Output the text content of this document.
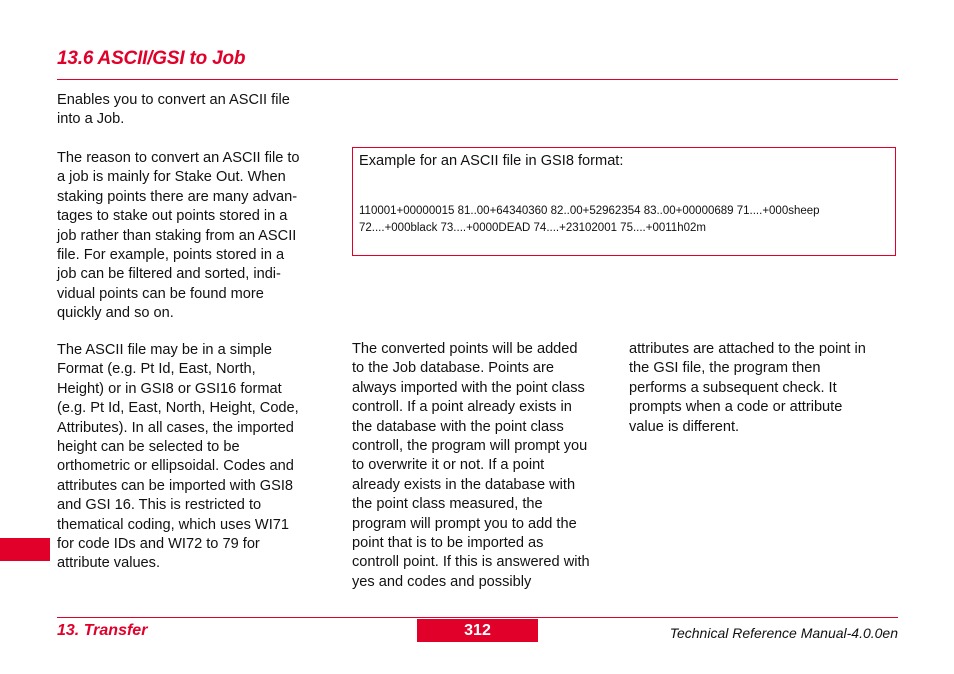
13.6 ASCII/GSI to Job

Enables you to convert an ASCII file
into a Job.

The reason to convert an ASCII file to
a job is mainly for Stake Out. When
staking points there are many advan-
tages to stake out points stored in a
job rather than staking from an ASCII
file. For example, points stored in a
job can be filtered and sorted, indi-
vidual points can be found more
quickly and so on.

The ASCII file may be in a simple
Format (e.g. Pt Id, East, North,
Height) or in GSI8 or GSI16 format
(e.g. Pt Id, East, North, Height, Code,
Attributes). In all cases, the imported
height can be selected to be
orthometric or ellipsoidal. Codes and
attributes can be imported with GSI8
and GSI 16. This is restricted to
thematical coding, which uses WI71
for code IDs and WI72 to 79 for
attribute values.

Example for an ASCII file in GSI8 format:
110001+00000015 81..00+64340360 82..00+52962354 83..00+00000689 71....+000sheep
72....+000black 73....+0000DEAD 74....+23102001 75....+0011h02m

The converted points will be added
to the Job database. Points are
always imported with the point class
controll. If a point already exists in
the database with the point class
controll, the program will prompt you
to overwrite it or not. If a point
already exists in the database with
the point class measured, the
program will prompt you to add the
point that is to be imported as
controll point. If this is answered with
yes and codes and possibly

attributes are attached to the point in
the GSI file, the program then
performs a subsequent check. It
prompts when a code or attribute
value is different.

13. Transfer	312	Technical Reference Manual-4.0.0en
